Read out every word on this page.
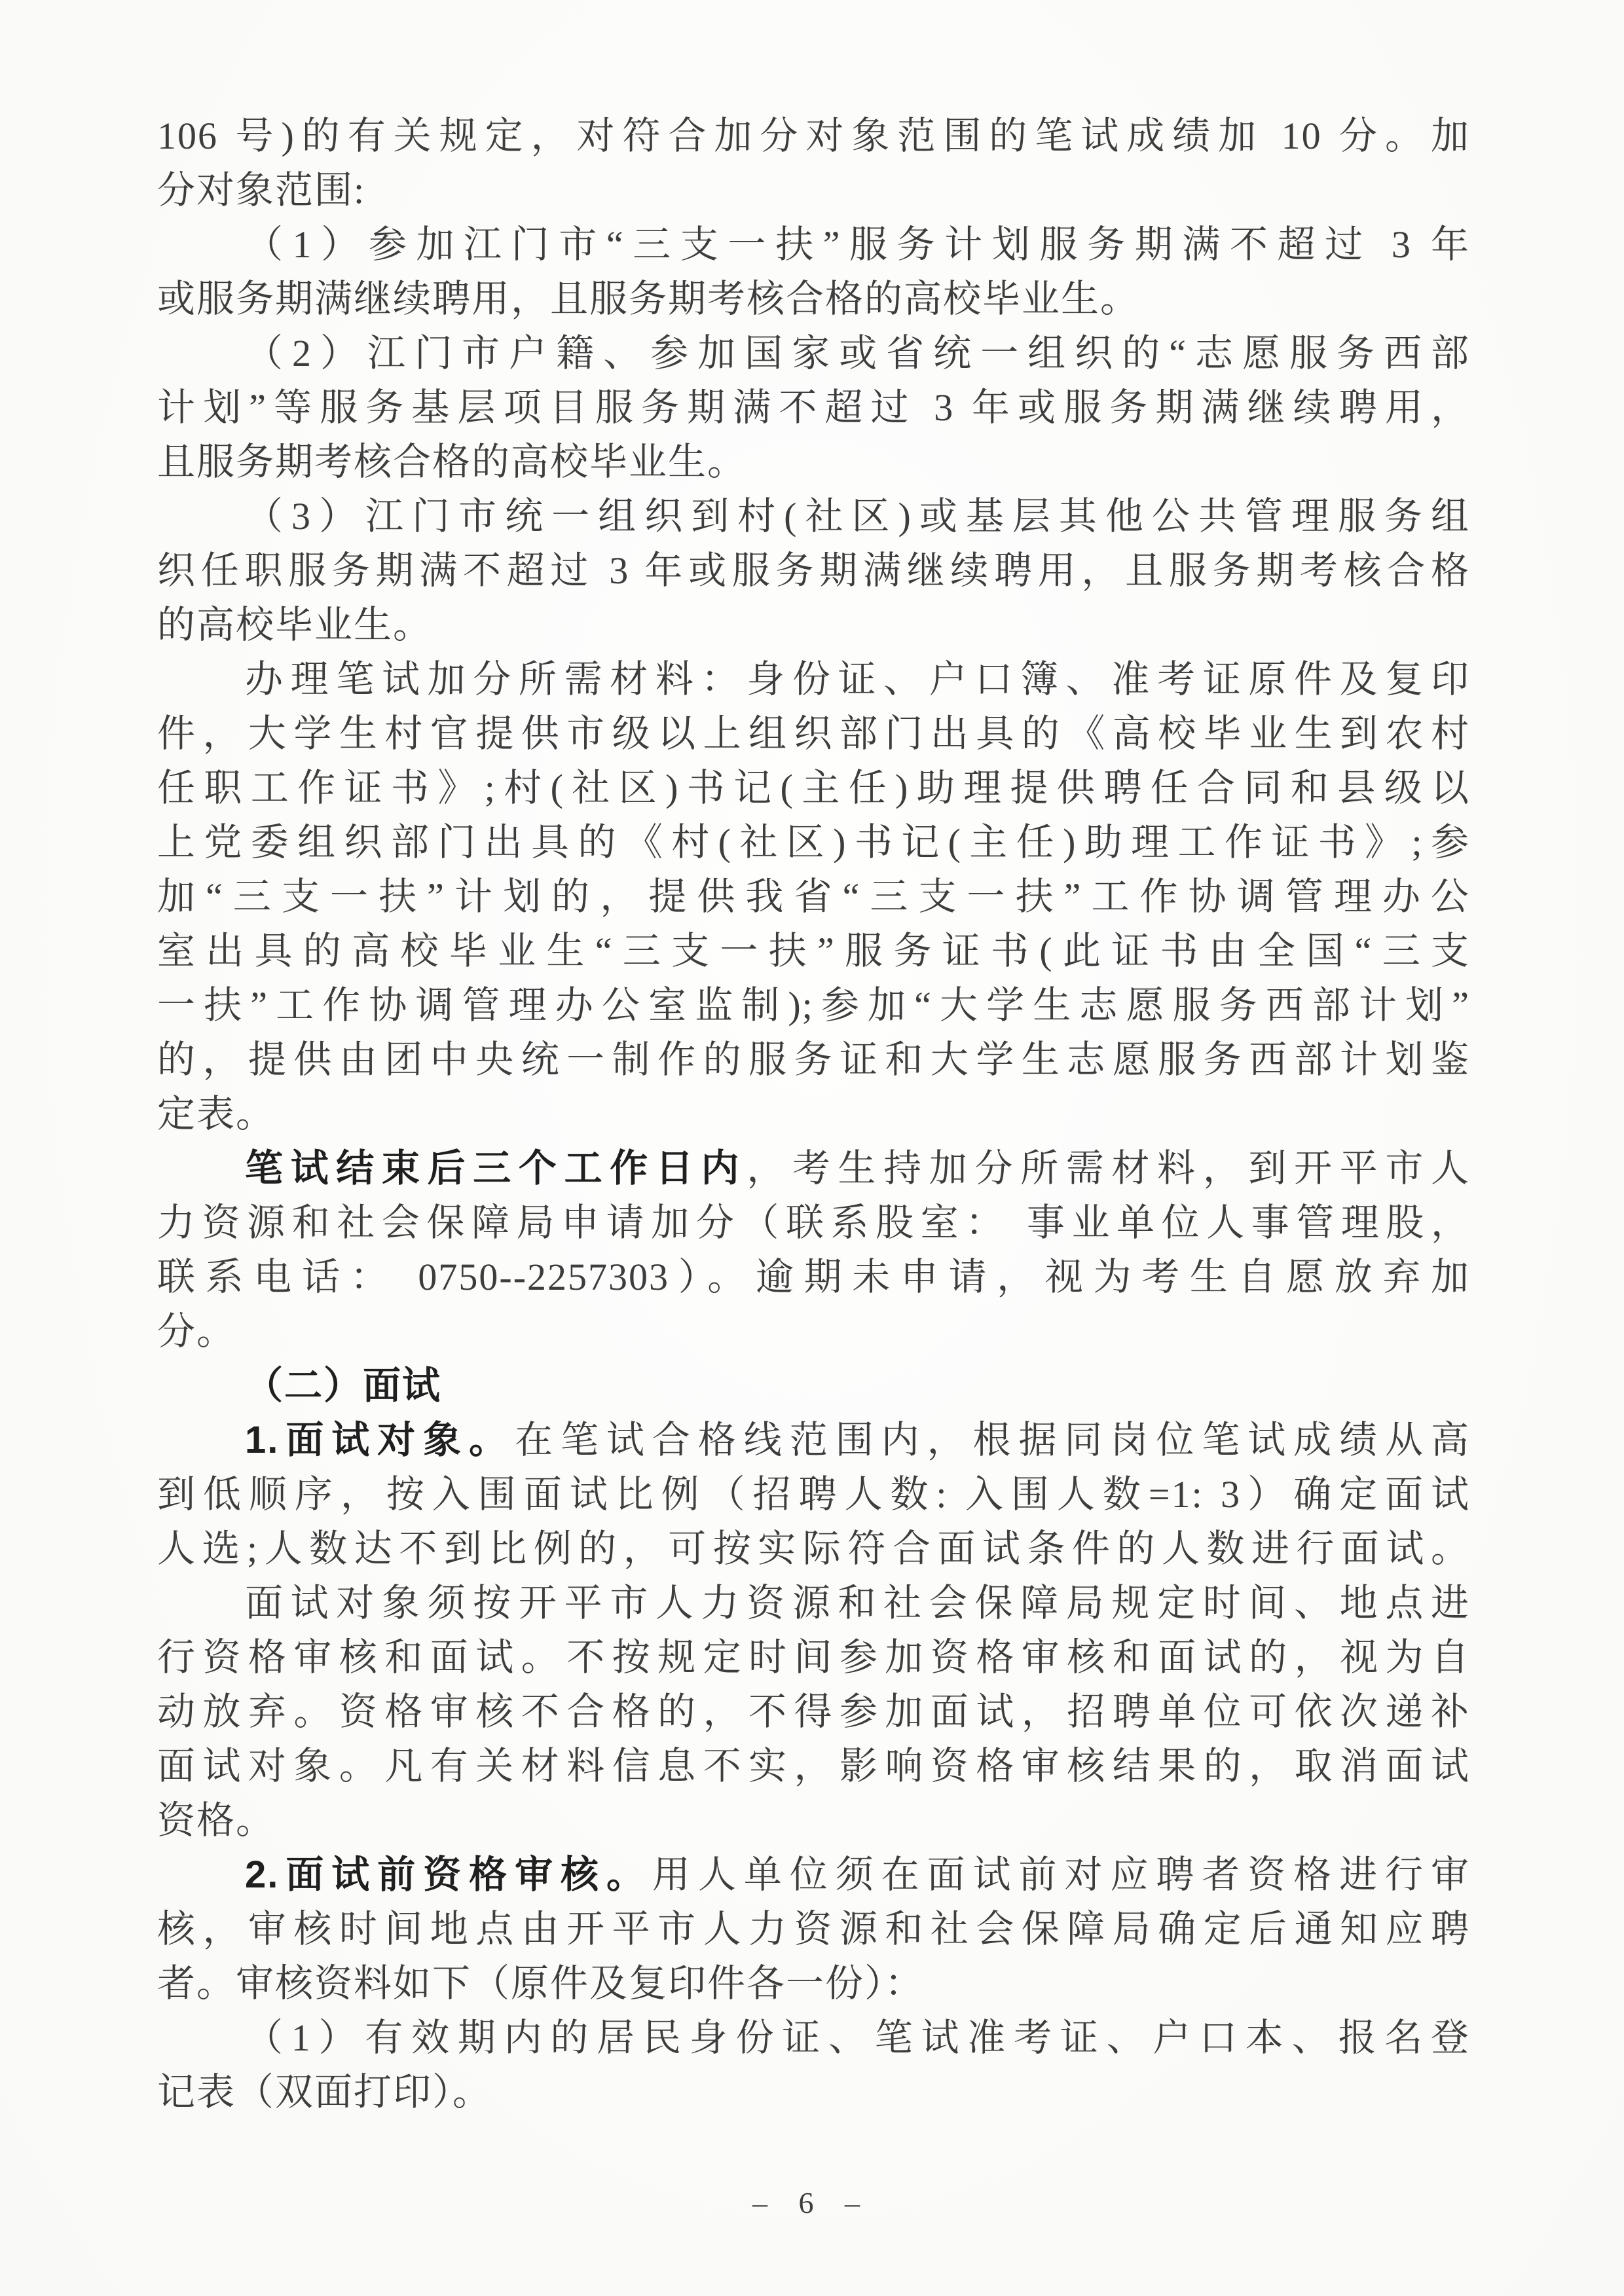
106 号)的有关规定，对符合加分对象范围的笔试成绩加 10 分。加
分对象范围:
（1）参加江门市“三支一扶”服务计划服务期满不超过 3 年
或服务期满继续聘用，且服务期考核合格的高校毕业生。
（2）江门市户籍、参加国家或省统一组织的“志愿服务西部
计划”等服务基层项目服务期满不超过 3 年或服务期满继续聘用，
且服务期考核合格的高校毕业生。
（3）江门市统一组织到村(社区)或基层其他公共管理服务组
织任职服务期满不超过 3 年或服务期满继续聘用，且服务期考核合格
的高校毕业生。
办理笔试加分所需材料：身份证、户口簿、准考证原件及复印
件，大学生村官提供市级以上组织部门出具的《高校毕业生到农村
任职工作证书》;村(社区)书记(主任)助理提供聘任合同和县级以
上党委组织部门出具的《村(社区)书记(主任)助理工作证书》;参
加“三支一扶”计划的，提供我省“三支一扶”工作协调管理办公
室出具的高校毕业生“三支一扶”服务证书(此证书由全国“三支
一扶”工作协调管理办公室监制);参加“大学生志愿服务西部计划”
的，提供由团中央统一制作的服务证和大学生志愿服务西部计划鉴
定表。
笔试结束后三个工作日内，考生持加分所需材料，到开平市人
力资源和社会保障局申请加分（联系股室： 事业单位人事管理股，
联系电话： 0750--2257303）。逾期未申请，视为考生自愿放弃加
分。
（二）面试
1.面试对象。在笔试合格线范围内，根据同岗位笔试成绩从高
到低顺序，按入围面试比例（招聘人数: 入围人数=1: 3）确定面试
人选;人数达不到比例的，可按实际符合面试条件的人数进行面试。
面试对象须按开平市人力资源和社会保障局规定时间、地点进
行资格审核和面试。不按规定时间参加资格审核和面试的，视为自
动放弃。资格审核不合格的，不得参加面试，招聘单位可依次递补
面试对象。凡有关材料信息不实，影响资格审核结果的，取消面试
资格。
2.面试前资格审核。用人单位须在面试前对应聘者资格进行审
核，审核时间地点由开平市人力资源和社会保障局确定后通知应聘
者。审核资料如下（原件及复印件各一份）：
（1）有效期内的居民身份证、笔试准考证、户口本、报名登
记表（双面打印）。
– 6 –
